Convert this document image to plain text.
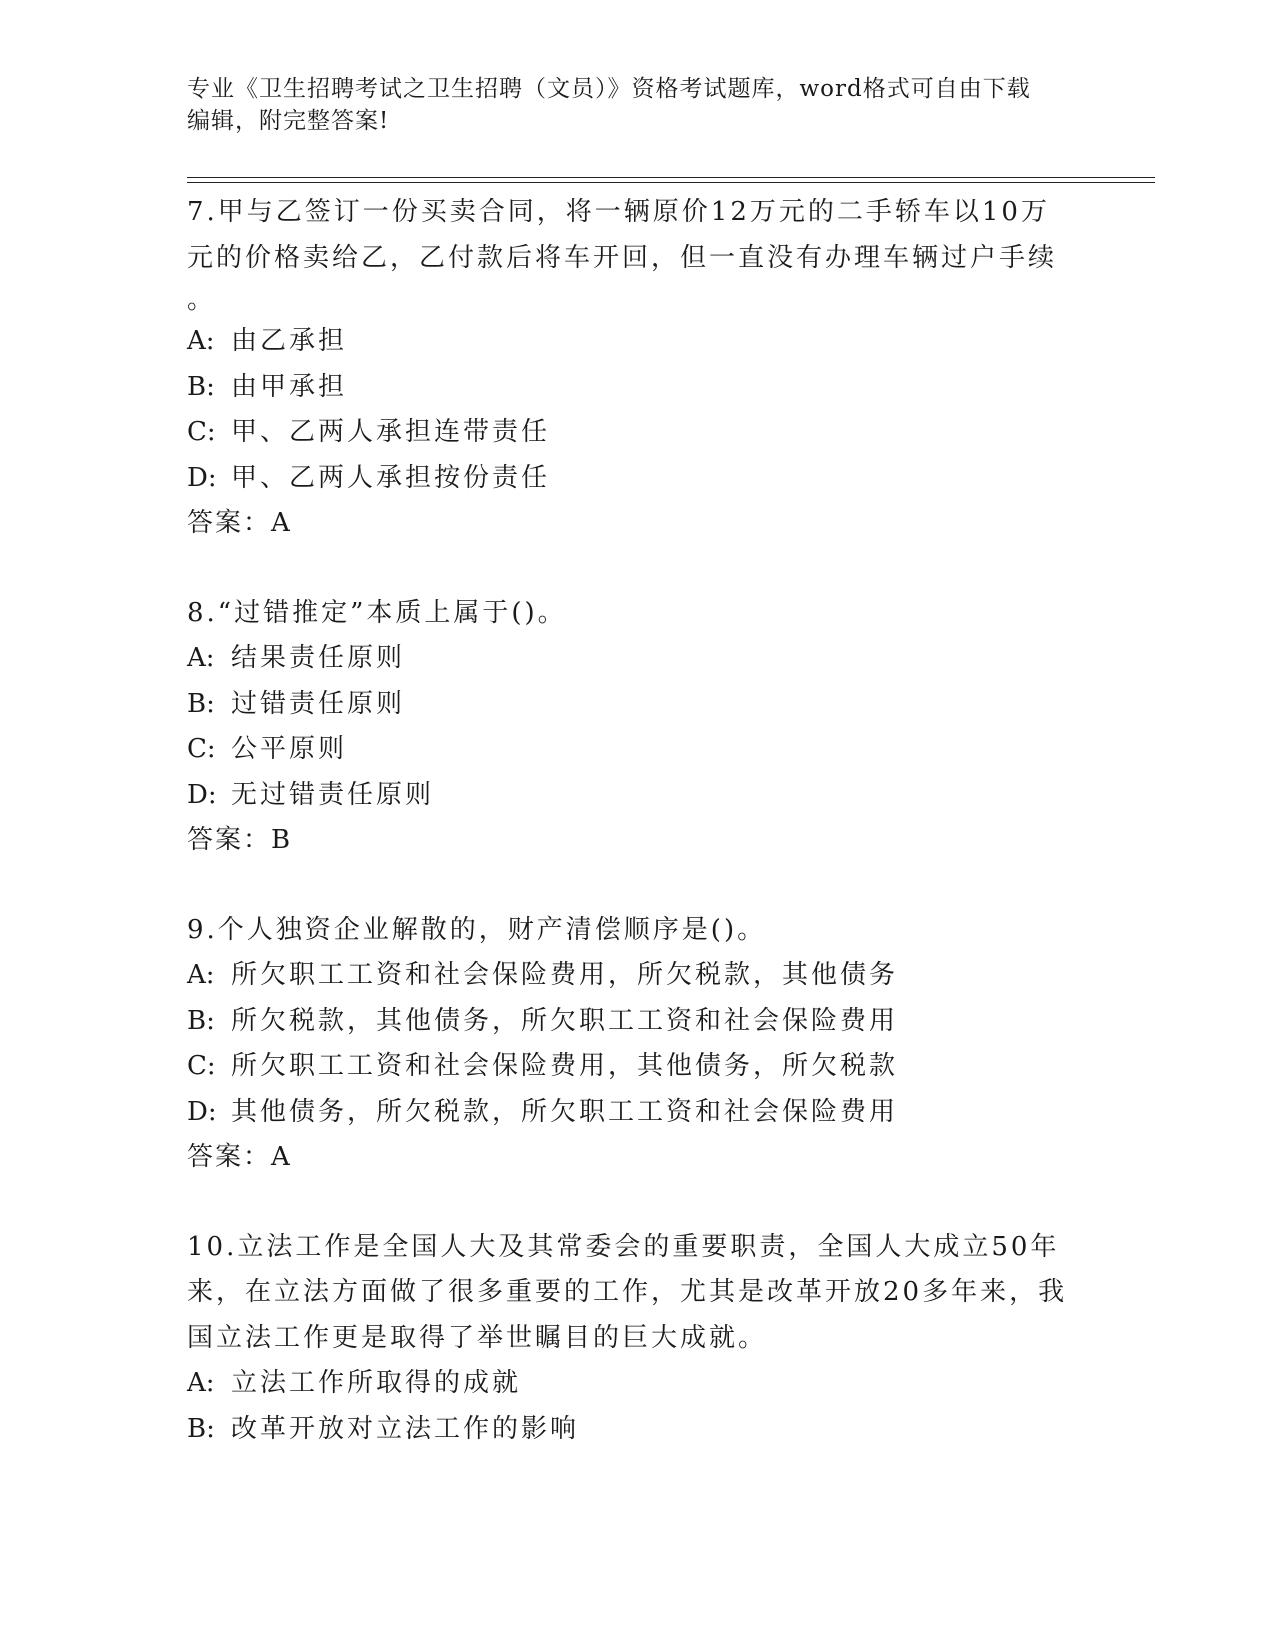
专业《卫生招聘考试之卫生招聘（文员）》资格考试题库，word格式可自由下载
编辑，附完整答案!
7.甲与乙签订一份买卖合同，将一辆原价12万元的二手轿车以10万
元的价格卖给乙，乙付款后将车开回，但一直没有办理车辆过户手续
。
A: 由乙承担
B: 由甲承担
C: 甲、乙两人承担连带责任
D: 甲、乙两人承担按份责任
答案：A
8.“过错推定”本质上属于()。
A: 结果责任原则
B: 过错责任原则
C: 公平原则
D: 无过错责任原则
答案：B
9.个人独资企业解散的，财产清偿顺序是()。
A: 所欠职工工资和社会保险费用，所欠税款，其他债务
B: 所欠税款，其他债务，所欠职工工资和社会保险费用
C: 所欠职工工资和社会保险费用，其他债务，所欠税款
D: 其他债务，所欠税款，所欠职工工资和社会保险费用
答案：A
10.立法工作是全国人大及其常委会的重要职责，全国人大成立50年
来，在立法方面做了很多重要的工作，尤其是改革开放20多年来，我
国立法工作更是取得了举世瞩目的巨大成就。
A: 立法工作所取得的成就
B: 改革开放对立法工作的影响
